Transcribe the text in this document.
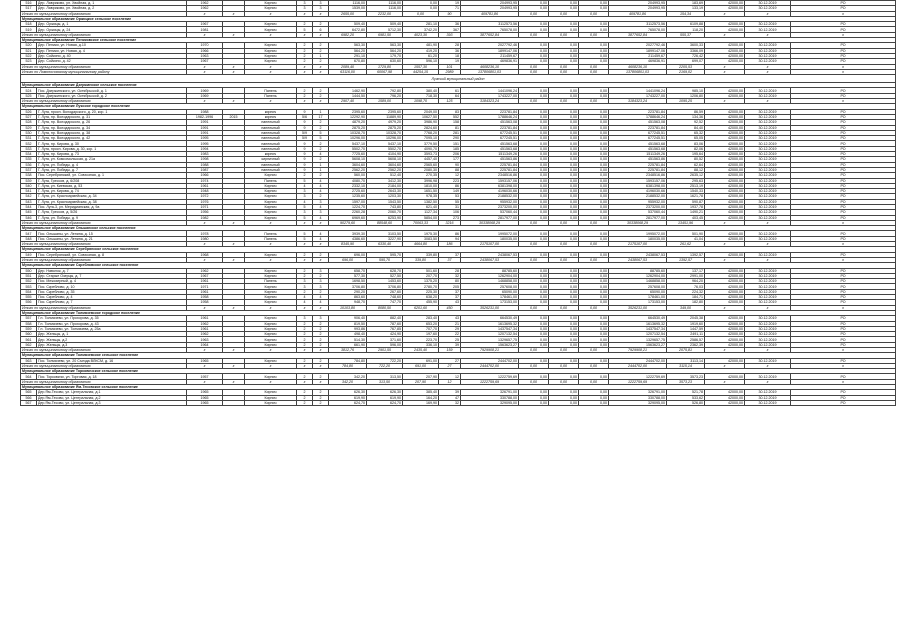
516	Дер. Лавриково, ул. Хвойная, д. 1	1962		Кирпич	3	3	1116,00	1116,00	0,00	19	204993,95	0,00	0,00	0,00	204993,95	183,69	42000,00	30.12.2019	РО
517	Дер. Лавриково, ул. Хвойная, д. 2	1962		Кирпич	3	3	1539,00	1116,00	0,00	71	204993,95	0,00	0,00	0,00	204993,95	133,19	42000,00	30.12.2019	РО
Итого по муниципальному образованию		x	x	x	x	x	2655,00	2232,00	0,00	90	409781,86	0,00	0,00	0,00	409781,86	154,34	x	x	x
Муниципальное образование Оржицкое сельское поселение																			
518	Дер. Оржицы, д. 1	1967		Кирпич	2	2	509,40	509,40	281,10	36	3112573,56	0,00	0,00	0,00	3112573,56	6109,88	42000,00	30.12.2019	РО
519	Дер. Оржицы, д. 24	1981		Кирпич	5	6	6472,80	5712,30	3742,20	367	765078,00	0,00	0,00	0,00	765078,00	118,20	42000,00	30.12.2019	РО
Итого по муниципальному образованию		x	x	x	x	x	6982,20	6981,50	4023,30	393	3877652,84	0,00	0,00	0,00	3877652,84	555,37	x	x	x
Муниципальное образование Пениковское сельское поселение																			
520	Дер. Пеники, ул. Новая, д.10	1970		Кирпич	2	2	563,30	563,30	481,90	28	2027792,46	0,00	0,00	0,00	2027792,46	3600,33	42000,00	30.12.2019	РО
521	Дер. Пеники, ул. Новая, д. 4	1966		Кирпич	2	2	564,20	564,20	419,20	36	1899147,06	0,00	0,00	0,00	1899147,06	3366,09	42000,00	30.12.2019	РО
522	Дер. Сойкино, д. 40	1963		Кирпич	2	1	291,10	179,70	61,20	18	211459,67	0,00	0,00	0,00	211459,67	726,42	42000,00	30.12.2019	РО
523	Дер. Сойкино, д. 42	1967		Кирпич	2	2	670,80	630,60	596,10	19	469836,91	0,00	0,00	0,00	469836,91	699,07	42000,00	30.12.2019	РО
Итого по муниципальному образованию		x	x	x	x	x	2089,40	1729,80	1557,30	101	4608236,10	0,00	0,00	0,00	4608236,10	2205,53	x	x	x
Итого по Ломоносовскому муниципальному району		x	x	x	x	x	63116,00	60067,98	44254,15	2989	137806801,03	0,00	0,00	0,00	137806801,03	2169,02	x	x	x
Лужский муниципальный район																			
Муниципальное образование Дзержинское сельское поселение																			
524	Пос. Дзержинского, ул. Октябрьской, д. 1	1969		Панель	2	2	1462,90	792,80	380,40	61	1441096,24	0,00	0,00	0,00	1441096,24	985,10	42000,00	30.12.2019	РО
525	Пос. Дзержинского, ул. Октябрьской, д. 2	1969		Панель	2	2	1444,50	796,20	718,30	64	1743227,00	0,00	0,00	0,00	1743227,00	1206,80	42000,00	30.12.2019	РО
Итого по муниципальному образованию		x	x	x	x	x	2907,40	1589,00	1098,70	125	3184323,24	0,00	0,00	0,00	3184323,24	1095,25	x	x	x
Муниципальное образование Лужское городское поселение																			
526	Г. Луга, просп. Володарского, д. 20, кор. 1	1988		кирпич	9	1	2395,60	2395,60	2049,00	83	223781,84	0,00	0,00	0,00	223781,84	86,59	42000,00	30.12.2019	РО
527	Г. Луга, пр. Володарского, д. 31	1982-1996	2015	кирпич	5/6	17	12292,90	11889,90	10627,50	552	1788646,24	0,00	0,00	0,00	1788646,24	134,36	42000,00	30.12.2019	РО
528	Г. Луга, пр. Володарского, д. 26	1991		панельный	9	2	4879,20	4979,20	3986,90	158	451563,08	0,00	0,00	0,00	451563,08	92,52	42000,00	30.12.2019	РО
529	Г. Луга, пр. Володарского, д. 34	1991		панельный	9	2	2875,20	2875,20	2824,60	81	223781,84	0,00	0,00	0,00	223781,84	84,40	42000,00	30.12.2019	РО
530	Г. Луга, пр. Володарского, д. 38	1991		панельный	5/9	5	10328,70	10328,70	7768,20	281	677245,51	0,00	0,00	0,00	677245,51	65,32	42000,00	30.12.2019	РО
531	Г. Луга, пр. Володарского, д. 42	1995		панельный	5/9	5	10296,00	10296,00	7095,10	290	677245,51	0,00	0,00	0,00	677245,51	65,05	42000,00	30.12.2019	РО
532	Г. Луга, пр. Кирова, д. 30	1995		панельный	9	2	5437,10	5437,10	3779,50	151	451563,68	0,00	0,00	0,00	451563,68	83,06	42000,00	30.12.2019	РО
533	Г. Луга, просп. Кирова, д. 30, кор. 1	1994		панельный	9	2	5502,70	5502,70	4090,70	185	451563,68	0,00	0,00	0,00	451563,68	82,06	42000,00	30.12.2019	РО
534	Г. Луга, пр. Кирова, д. 73	1983		кирпич	9	4	7725,60	4104,90	3593,73	206	1511349,26	0,00	0,00	0,00	1511349,26	195,64	42000,00	30.12.2019	РО
535	Г. Луга, ул. Комсомольская, д. 21а	1998		кирпичный	9	2	5608,10	5608,10	4457,40	177	451563,86	0,00	0,00	0,00	451563,86	80,52	42000,00	30.12.2019	РО
536	Г. Луга, ул. Победы, д. 4	1988		панельный	9	1	3604,60	3604,60	2565,60	90	225781,84	0,00	0,00	0,00	225781,84	62,64	42000,00	30.12.2019	РО
537	Г. Луга, ул. Победы, д. 7	1987		панельный	9	1	2562,20	2562,20	2080,30	88	225781,84	0,00	0,00	0,00	225781,84	88,12	42000,00	30.12.2019	РО
538	Пос. Серебрянский, ул. Совхозная, д. 1	1966		Кирпич	2	2	560,00	512,40	270,35	12	2348516,86	0,00	0,00	0,00	2348516,86	2635,12	42000,00	30.12.2019	РО
539	Г. Луга, Грессов, д. 6/208	1974		Панель	5	4	4080,70	3412,30	3996,98	223	1593157,06	0,00	0,00	0,00	1593157,06	295,63	42000,00	30.12.2019	РО
540	Г. Луга, ул. Киевская, д. 53	1961		Кирпич	4	4	2332,10	2184,00	1810,00	86	6381398,00	0,00	0,00	0,00	6381398,00	2513,19	42000,00	30.12.2019	РО
541	Г. Луга, ул. Кирова, д. 74	1948		Кирпич	3	4	2725,60	2643,30	1651,50	149	4196030,66	0,00	0,00	0,00	4196030,66	1540,33	42000,00	30.12.2019	РО
542	Г. Луга, ул. Красноармейская, д. 34	1972		Кирпич	3	2	1235,60	1203,30	978,35	53	2188532,00	0,00	0,00	0,00	2188532,00	1621,78	42000,00	30.12.2019	РО
543	Г. Луга, ул. Красноармейская, д. 38	1976		Кирпич	4	3	1597,00	1543,50	1382,50	55	955932,00	0,00	0,00	0,00	955932,00	590,87	42000,00	30.12.2019	РО
544	Пос. Луга-3, ул. Меридианская, д. 9а	1971		Кирпич	5	4	1224,70	743,80	621,40	31	2373200,00	0,00	0,00	0,00	2373200,00	1937,78	42000,00	30.12.2019	РО
545	Г. Луга, Грессов, д. 5/26	1956		Кирпич	3	3	2260,28	2060,70	1127,34	106	537060,44	0,00	0,00	0,00	537060,44	1490,21	42000,00	30.12.2019	РО
546	Г. Луга, ул. Победы, д. 9	1982		Кирпич	5	4	6969,60	6253,90	5854,00	273	2817977,00	0,00	0,00	0,00	2817977,00	403,45	42000,00	30.12.2019	РО
Итого по муниципальному образованию		x	x	x	x	x	90279,60	88548,60	70063,33	3216	30338068,29	0,00	0,00	0,00	30338068,29	13451,96	x	x	x
Муниципальное образование Ольшанское сельское поселение																			
547	Пос. Ольшаны, ул. Ленина, д. 15	1978		Панель	5	4	3939,30	3103,50	1975,30	86	1995072,00	0,00	0,00	0,00	1995072,00	501,90	42000,00	30.12.2019	РО
548	Пос. Ольшаны, ул. Ленина, д. 21	1980		Панель	5	4	4386,60	3227,90	3083,50	94	180035,00	0,00	0,00	0,00	180035,00	41,04	42000,00	30.12.2019	РО
Итого по муниципальному образованию		x	x	x	x	x	8345,90	6330,40	4664,80	186	2175107,00	0,00	0,00	0,00	2175107,00	261,62	x	x	x
Муниципальное образование Серебрянское сельское поселение																			
549	Пос. Серебрянский, ул. Совхозная, д. 8	1968		Кирпич	2	2	696,00	595,70	339,80	37	2438067,53	0,00	0,00	0,00	2438067,53	1392,57	42000,00	30.12.2019	РО
Итого по муниципальному образованию		x	x	x	x	x	696,00	595,70	339,80	37	2438067,53	0,00	0,00	0,00	2438067,53	1392,57	x	x	x
Муниципальное образование Скребловское сельское поселение																			
550	Дер. Наволок, д. 7	1962		Кирпич	2	3	658,70	628,70	501,60	28	88785,60	0,00	0,00	0,00	88785,60	137,17	42000,00	30.12.2019	РО
551	Дер. Старые Озерцы, д. 7	1967		Кирпич	2	2	577,30	527,50	207,70	32	1262904,00	0,00	0,00	0,00	1262904,00	2991,00	42000,00	30.12.2019	РО
552	Пос. Межозерный, д. 4	1961		Панель	3	3	1698,50	1453,60	1375,20	80	1468858,00	0,00	0,00	0,00	1468858,00	964,20	42000,00	30.12.2019	РО
553	Пос. Скреблово, д. 10	1971		Кирпич	3	3	3706,80	3706,80	2780,70	205	257608,00	0,00	0,00	0,00	257608,00	76,03	42000,00	30.12.2019	РО
554	Пос. Скреблово, д. 35	1961		Кирпич	2	2	290,20	267,60	225,30	37	65090,00	0,00	0,00	0,00	65090,00	224,32	42000,00	30.12.2019	РО
555	Пос. Скреблово, д. 4	1958		Кирпич	4	4	863,60	748,60	638,20	37	178461,00	0,00	0,00	0,00	178461,00	184,71	42000,00	30.12.2019	РО
556	Пос. Скреблово, д. 7	1958		Кирпич	4	4	948,70	747,70	455,90	43	173153,00	0,00	0,00	0,00	173153,00	182,80	42000,00	30.12.2019	РО
Итого по муниципальному образованию		x	x	x	x	x	10103,80	8080,50	6201,60	450	3526231,00	0,00	0,00	0,00	3526231,00	349,00	x	x	x
Муниципальное образование Толмачевское городское поселение																			
557	Г.п. Толмачево, ул. Прохорова, д. 35	1961		Кирпич	3	3	906,40	882,40	283,40	43	664530,49	0,00	0,00	0,00	664530,49	2045,38	42000,00	30.12.2019	РО
558	Г.п. Толмачево, ул. Прохорова, д. 43	1962		Кирпич	2	2	819,50	787,60	653,20	21	1613695,32	0,00	0,00	0,00	1613695,32	1919,60	42000,00	30.12.2019	РО
559	Г.п. Толмачево, ул. Толмачева, д. 25а	1961		Кирпич	2	2	993,86	767,85	707,70	29	1437547,34	0,00	0,00	0,00	1437547,34	1447,59	42000,00	30.12.2019	РО
560	Дер. Жельцы, д. 1	1962		Кирпич	2	2	498,40	424,90	197,60	22	1207132,54	0,00	0,00	0,00	1207132,54	2491,11	42000,00	30.12.2019	РО
561	Дер. Жельцы, д.2	1963		Кирпич	2	2	514,30	371,60	223,70	25	1329657,75	0,00	0,00	0,00	1329657,75	2586,57	42000,00	30.12.2019	РО
562	Дер. Жельцы, д.3	1964		Кирпич	2	2	661,90	596,00	336,10	39	1563623,27	0,00	0,00	0,00	1563623,27	2362,39	42000,00	30.12.2019	РО
Итого по муниципальному образованию		x	x	x	x	x	3812,76	2901,55	2435,40	159	7929908,21	0,00	0,00	0,00	7929908,21	2075,81	x	x	x
Муниципальное образование Толмачевское сельское поселение																			
563	Пос. Толмачево, ул. 20 Съезда ВЛКСМ, д. 16	1965		Кирпич	2	2	784,80	722,20	691,00	27	2444702,00	0,00	0,00	0,00	2444702,00	3113,14	42000,00	30.12.2019	РО
Итого по муниципальному образованию		x	x	x	x	x	784,80	722,20	691,00	27	2444702,00	0,00	0,00	0,00	2444702,00	3115,14	x	x	x
Муниципальное образование Торковичское сельское поселение																			
564	Пос. Торковичи, ул. Торговая, д. 18	1957		Кирпич	2	2	342,20	313,50	207,90	12	1222759,69	0,00	0,00	0,00	1222759,69	3573,23	42000,00	30.12.2019	РО
Итого по муниципальному образованию		x	x	x	x	x	342,20	313,50	207,90	12	1222759,69	0,00	0,00	0,00	1222759,69	3573,23	x	x	x
Муниципальное образование Ям-Тесовское сельское поселение																			
565	Дер.Ям-Тесово, ул. Центральная, д.1	1965		Кирпич	2	2	626,30	626,30	385,40	39	326791,00	0,00	0,00	0,00	326791,00	521,78	42000,00	30.12.2019	РО
566	Дер.Ям-Тесово, ул. Центральная, д.2	1965		Кирпич	2	2	619,90	619,90	164,20	47	330788,00	0,00	0,00	0,00	330788,00	533,62	42000,00	30.12.2019	РО
567	Дер.Ям-Тесово, ул. Центральная, д.3	1965		Кирпич	2	2	624,70	624,70	169,90	32	329095,00	0,00	0,00	0,00	329095,00	526,80	42000,00	30.12.2019	РО
